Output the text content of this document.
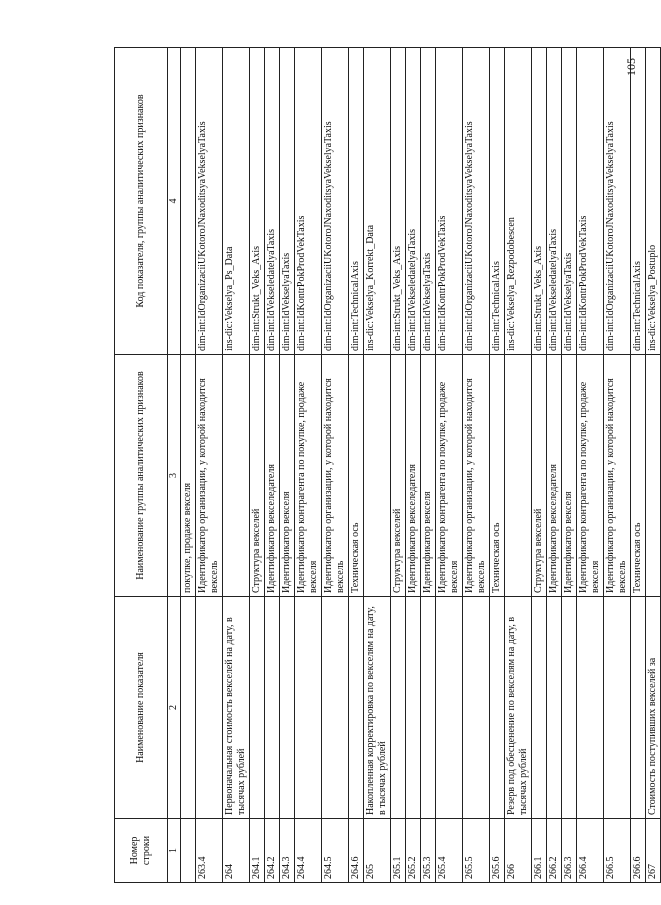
Номер строки	Наименование показателя	Наименование группы аналитических признаков	Код показателя, группы аналитических признаков
1	2	3	4
		покупке, продаже векселя	
263.4		Идентификатор организации, у которой находится вексель	dim-int:IdOrganizaciiUKotoroJNaxoditsyaVekselyaTaxis
264	Первоначальная стоимость векселей на дату, в тысячах рублей		ins-dic:Vekselya_Ps_Data
264.1		Структура векселей	dim-int:Strukt_Veks_Axis
264.2		Идентификатор векселедателя	dim-int:IdVekseledatelyaTaxis
264.3		Идентификатор векселя	dim-int:IdVekselyaTaxis
264.4		Идентификатор контрагента по покупке, продаже векселя	dim-int:IdKontrPokProdVekTaxis
264.5		Идентификатор организации, у которой находится вексель	dim-int:IdOrganizaciiUKotoroJNaxoditsyaVekselyaTaxis
264.6		Техническая ось	dim-int:TechnicalAxis
265	Накопленная корректировка по векселям на дату, в тысячах рублей		ins-dic:Vekselya_Korrekt_Data
265.1		Структура векселей	dim-int:Strukt_Veks_Axis
265.2		Идентификатор векселедателя	dim-int:IdVekseledatelyaTaxis
265.3		Идентификатор векселя	dim-int:IdVekselyaTaxis
265.4		Идентификатор контрагента по покупке, продаже векселя	dim-int:IdKontrPokProdVekTaxis
265.5		Идентификатор организации, у которой находится вексель	dim-int:IdOrganizaciiUKotoroJNaxoditsyaVekselyaTaxis
265.6		Техническая ось	dim-int:TechnicalAxis
266	Резерв под обесценение по векселям на дату, в тысячах рублей		ins-dic:Vekselya_Rezpodobescen
266.1		Структура векселей	dim-int:Strukt_Veks_Axis
266.2		Идентификатор векселедателя	dim-int:IdVekseledatelyaTaxis
266.3		Идентификатор векселя	dim-int:IdVekselyaTaxis
266.4		Идентификатор контрагента по покупке, продаже векселя	dim-int:IdKontrPokProdVekTaxis
266.5		Идентификатор организации, у которой находится вексель	dim-int:IdOrganizaciiUKotoroJNaxoditsyaVekselyaTaxis
266.6		Техническая ось	dim-int:TechnicalAxis
267	Стоимость поступивших векселей за		ins-dic:Vekselya_Postuplo
105
